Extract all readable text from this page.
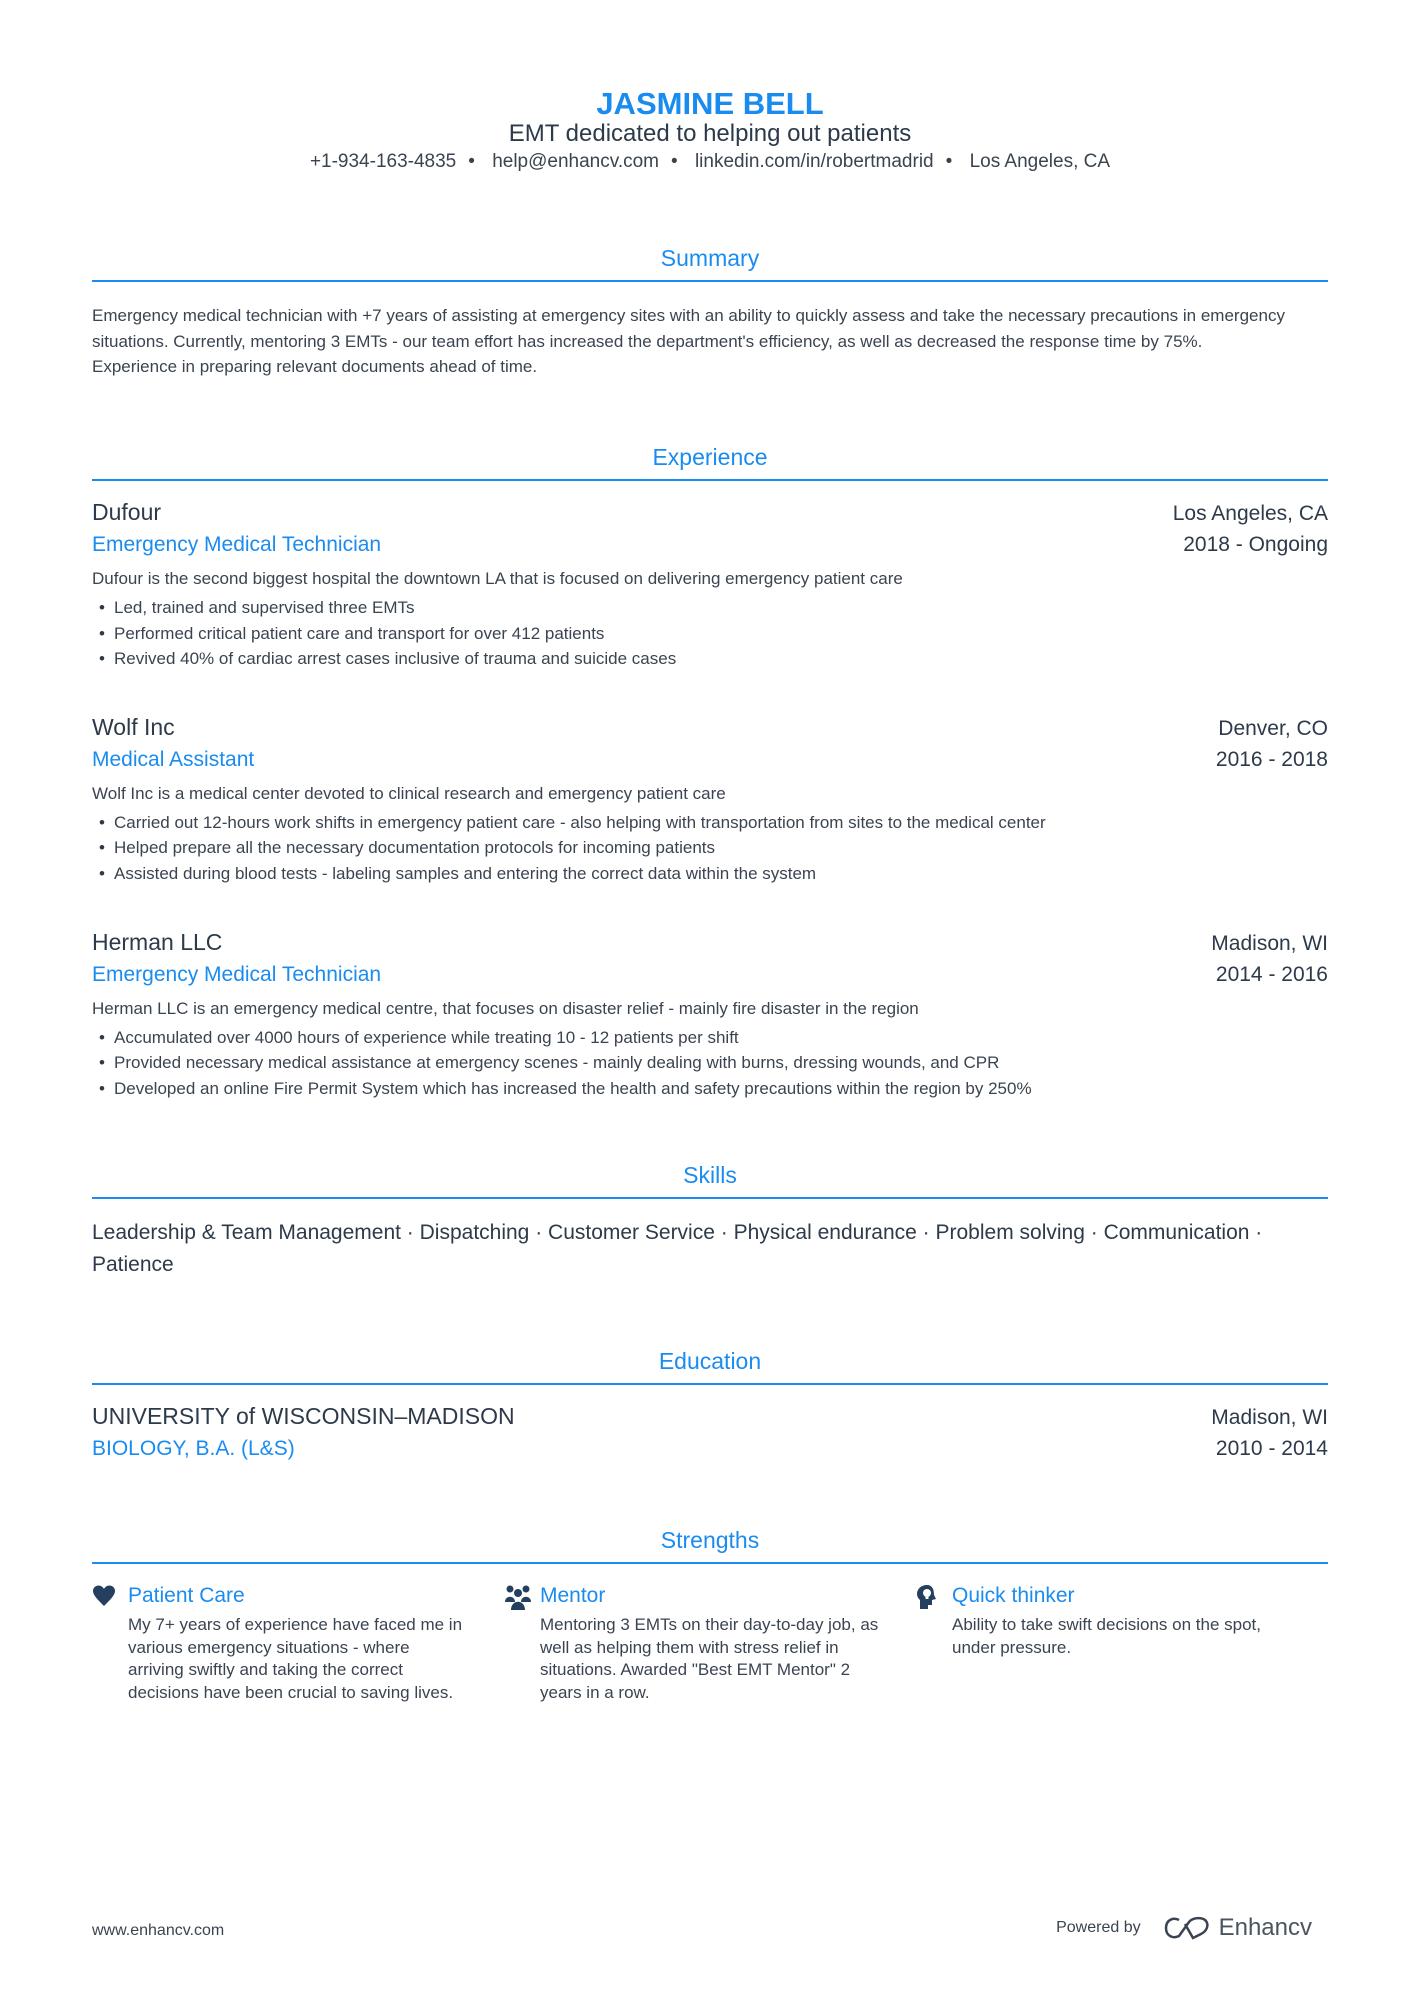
JASMINE BELL
EMT dedicated to helping out patients
+1-934-163-4835 • help@enhancv.com • linkedin.com/in/robertmadrid • Los Angeles, CA
Summary
Emergency medical technician with +7 years of assisting at emergency sites with an ability to quickly assess and take the necessary precautions in emergency situations. Currently, mentoring 3 EMTs - our team effort has increased the department's efficiency, as well as decreased the response time by 75%. Experience in preparing relevant documents ahead of time.
Experience
Dufour	Los Angeles, CA
Emergency Medical Technician	2018 - Ongoing
Dufour is the second biggest hospital the downtown LA that is focused on delivering emergency patient care
• Led, trained and supervised three EMTs
• Performed critical patient care and transport for over 412 patients
• Revived 40% of cardiac arrest cases inclusive of trauma and suicide cases
Wolf Inc	Denver, CO
Medical Assistant	2016 - 2018
Wolf Inc is a medical center devoted to clinical research and emergency patient care
• Carried out 12-hours work shifts in emergency patient care - also helping with transportation from sites to the medical center
• Helped prepare all the necessary documentation protocols for incoming patients
• Assisted during blood tests - labeling samples and entering the correct data within the system
Herman LLC	Madison, WI
Emergency Medical Technician	2014 - 2016
Herman LLC is an emergency medical centre, that focuses on disaster relief - mainly fire disaster in the region
• Accumulated over 4000 hours of experience while treating 10 - 12 patients per shift
• Provided necessary medical assistance at emergency scenes - mainly dealing with burns, dressing wounds, and CPR
• Developed an online Fire Permit System which has increased the health and safety precautions within the region by 250%
Skills
Leadership & Team Management · Dispatching · Customer Service · Physical endurance · Problem solving · Communication · Patience
Education
UNIVERSITY of WISCONSIN–MADISON	Madison, WI
BIOLOGY, B.A. (L&S)	2010 - 2014
Strengths
Patient Care
My 7+ years of experience have faced me in various emergency situations - where arriving swiftly and taking the correct decisions have been crucial to saving lives.
Mentor
Mentoring 3 EMTs on their day-to-day job, as well as helping them with stress relief in situations. Awarded "Best EMT Mentor" 2 years in a row.
Quick thinker
Ability to take swift decisions on the spot, under pressure.
www.enhancv.com	Powered by	Enhancv
